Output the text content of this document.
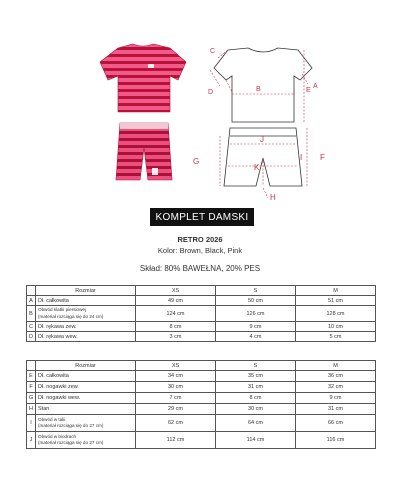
C
A
B	E
D
J
K
G	I F
H
KOMPLET DAMSKI
RETRO 2026
Kolor: Brown, Black, Pink
Skład: 80% BAWEŁNA, 20% PES
	Rozmiar	XS	S	M
A	Dł. całkowita	49 cm	50 cm	51 cm
B	Obwód klatki piersiowej
(materiał rozciąga się do 24 cm)	124 cm	126 cm	128 cm
C	Dł. rękawa zew.	8 cm	9 cm	10 cm
D	Dł. rękawa wew.	3 cm	4 cm	5 cm
	Rozmiar	XS	S	M
E	Dł. całkowita	34 cm	35 cm	36 cm
F	Dł. nogawki zew.	30 cm	31 cm	32 cm
G	Dł. nogawki wew.	7 cm	8 cm	9 cm
H	Stan	29 cm	30 cm	31 cm
I	Obwód w talii
(materiał rozciąga się do 27 cm)	62 cm	64 cm	66 cm
J	Obwód w biodrach
(materiał rozciąga się do 27 cm)	112 cm	114 cm	116 cm
